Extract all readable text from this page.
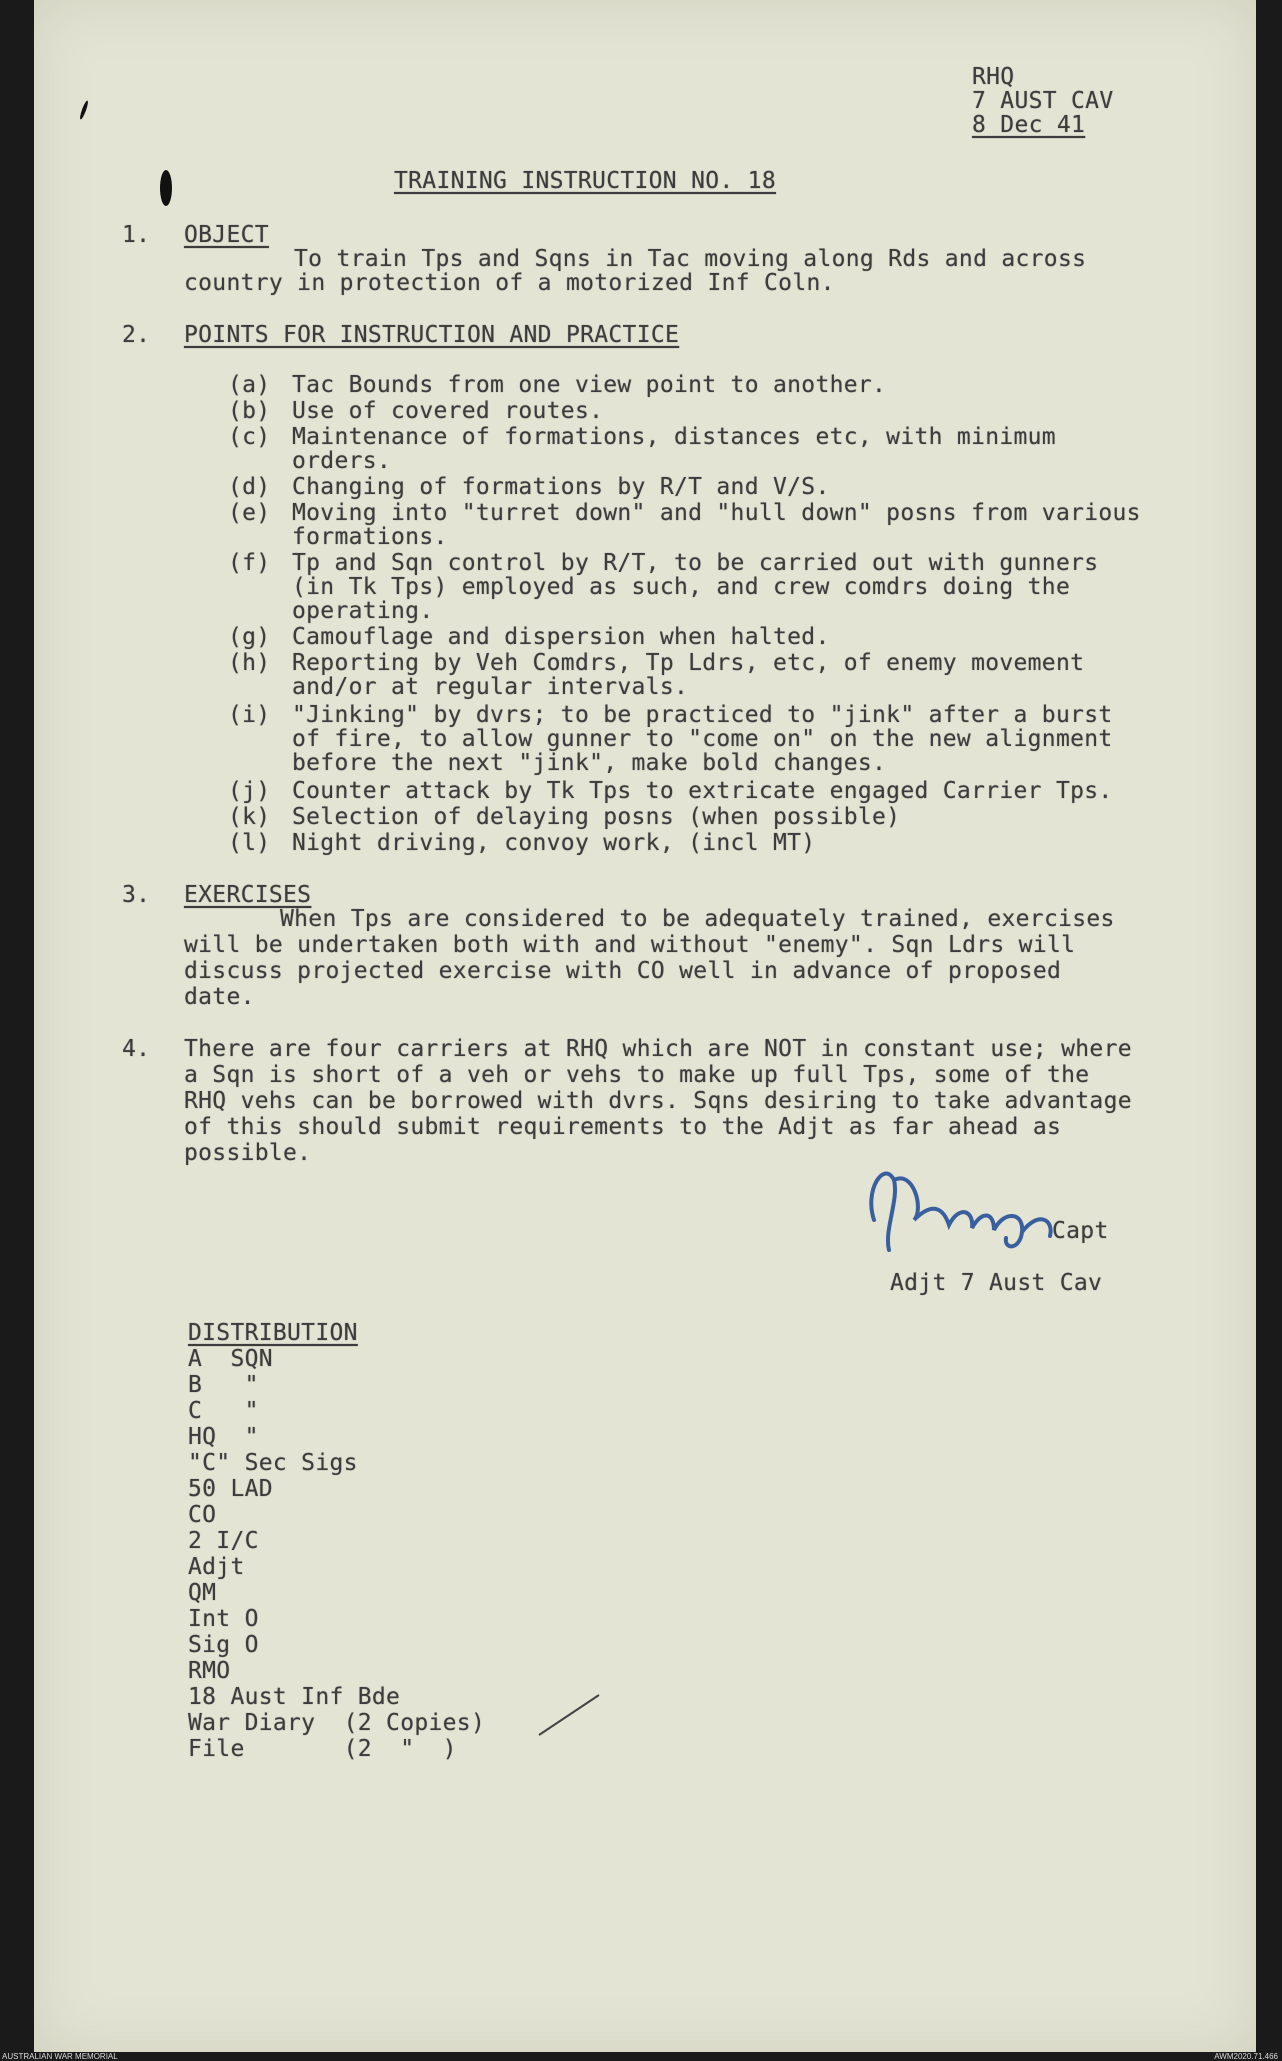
RHQ
7 AUST CAV
8 Dec 41
TRAINING INSTRUCTION NO. 18
1. OBJECT
To train Tps and Sqns in Tac moving along Rds and across
country in protection of a motorized Inf Coln.
2. POINTS FOR INSTRUCTION AND PRACTICE
(a) Tac Bounds from one view point to another.
(b) Use of covered routes.
(c) Maintenance of formations, distances etc, with minimum
orders.
(d) Changing of formations by R/T and V/S.
(e) Moving into "turret down" and "hull down" posns from various
formations.
(f) Tp and Sqn control by R/T, to be carried out with gunners
(in Tk Tps) employed as such, and crew comdrs doing the
operating.
(g) Camouflage and dispersion when halted.
(h) Reporting by Veh Comdrs, Tp Ldrs, etc, of enemy movement
and/or at regular intervals.
(i) "Jinking" by dvrs; to be practiced to "jink" after a burst
of fire, to allow gunner to "come on" on the new alignment
before the next "jink", make bold changes.
(j) Counter attack by Tk Tps to extricate engaged Carrier Tps.
(k) Selection of delaying posns (when possible)
(l) Night driving, convoy work, (incl MT)
3. EXERCISES
When Tps are considered to be adequately trained, exercises
will be undertaken both with and without "enemy". Sqn Ldrs will
discuss projected exercise with CO well in advance of proposed
date.
4. There are four carriers at RHQ which are NOT in constant use; where
a Sqn is short of a veh or vehs to make up full Tps, some of the
RHQ vehs can be borrowed with dvrs. Sqns desiring to take advantage
of this should submit requirements to the Adjt as far ahead as
possible.
Capt
Adjt 7 Aust Cav
DISTRIBUTION
A  SQN
B   "
C   "
HQ  "
"C" Sec Sigs
50 LAD
CO
2 I/C
Adjt
QM
Int O
Sig O
RMO
18 Aust Inf Bde
War Diary  (2 Copies)
File       (2  "  )
AUSTRALIAN WAR MEMORIAL	AWM2020.71.466
